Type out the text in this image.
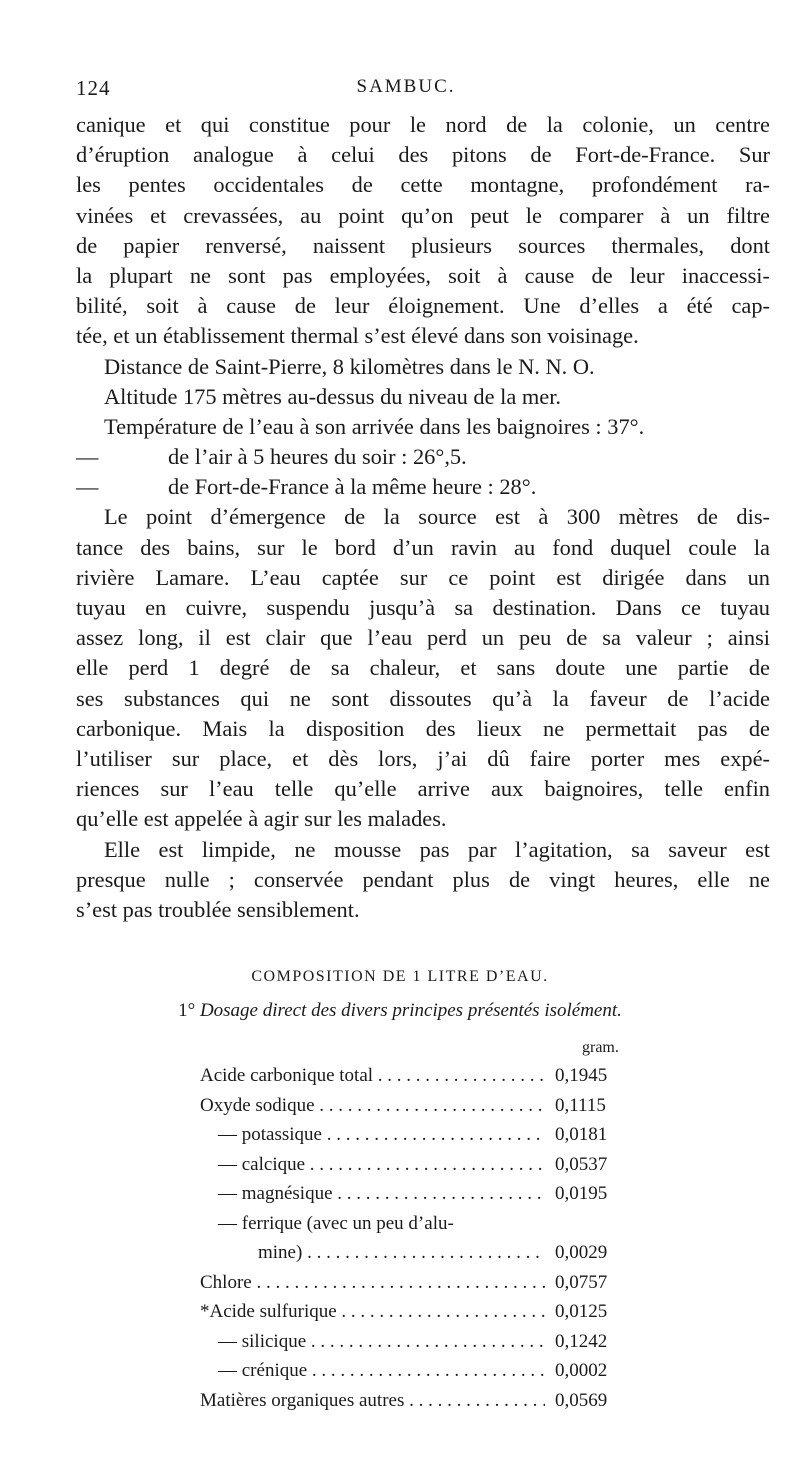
124	SAMBUC.
canique et qui constitue pour le nord de la colonie, un centre
d’éruption analogue à celui des pitons de Fort-de-France. Sur
les pentes occidentales de cette montagne, profondément ra-
vinées et crevassées, au point qu’on peut le comparer à un filtre
de papier renversé, naissent plusieurs sources thermales, dont
la plupart ne sont pas employées, soit à cause de leur inaccessi-
bilité, soit à cause de leur éloignement. Une d’elles a été cap-
tée, et un établissement thermal s’est élevé dans son voisinage.
Distance de Saint-Pierre, 8 kilomètres dans le N. N. O.
Altitude 175 mètres au-dessus du niveau de la mer.
Température de l’eau à son arrivée dans les baignoires : 37°.
—	de l’air à 5 heures du soir : 26°,5.
—	de Fort-de-France à la même heure : 28°.
Le point d’émergence de la source est à 300 mètres de dis-
tance des bains, sur le bord d’un ravin au fond duquel coule la
rivière Lamare. L’eau captée sur ce point est dirigée dans un
tuyau en cuivre, suspendu jusqu’à sa destination. Dans ce tuyau
assez long, il est clair que l’eau perd un peu de sa valeur ; ainsi
elle perd 1 degré de sa chaleur, et sans doute une partie de
ses substances qui ne sont dissoutes qu’à la faveur de l’acide
carbonique. Mais la disposition des lieux ne permettait pas de
l’utiliser sur place, et dès lors, j’ai dû faire porter mes expé-
riences sur l’eau telle qu’elle arrive aux baignoires, telle enfin
qu’elle est appelée à agir sur les malades.
Elle est limpide, ne mousse pas par l’agitation, sa saveur est
presque nulle ; conservée pendant plus de vingt heures, elle ne
s’est pas troublée sensiblement.
COMPOSITION DE 1 LITRE D’EAU.
1° Dosage direct des divers principes présentés isolément.
gram.
Acide carbonique total . . .	0,1945
Oxyde sodique . . .	0,1115
— potassique . . .	0,0181
— calcique . . .	0,0537
— magnésique . . .	0,0195
— ferrique (avec un peu d’alu-
mine) . . .	0,0029
Chlore . . .	0,0757
*Acide sulfurique . . .	0,0125
— silicique . . .	0,1242
— crénique . . .	0,0002
Matières organiques autres . . .	0,0569
